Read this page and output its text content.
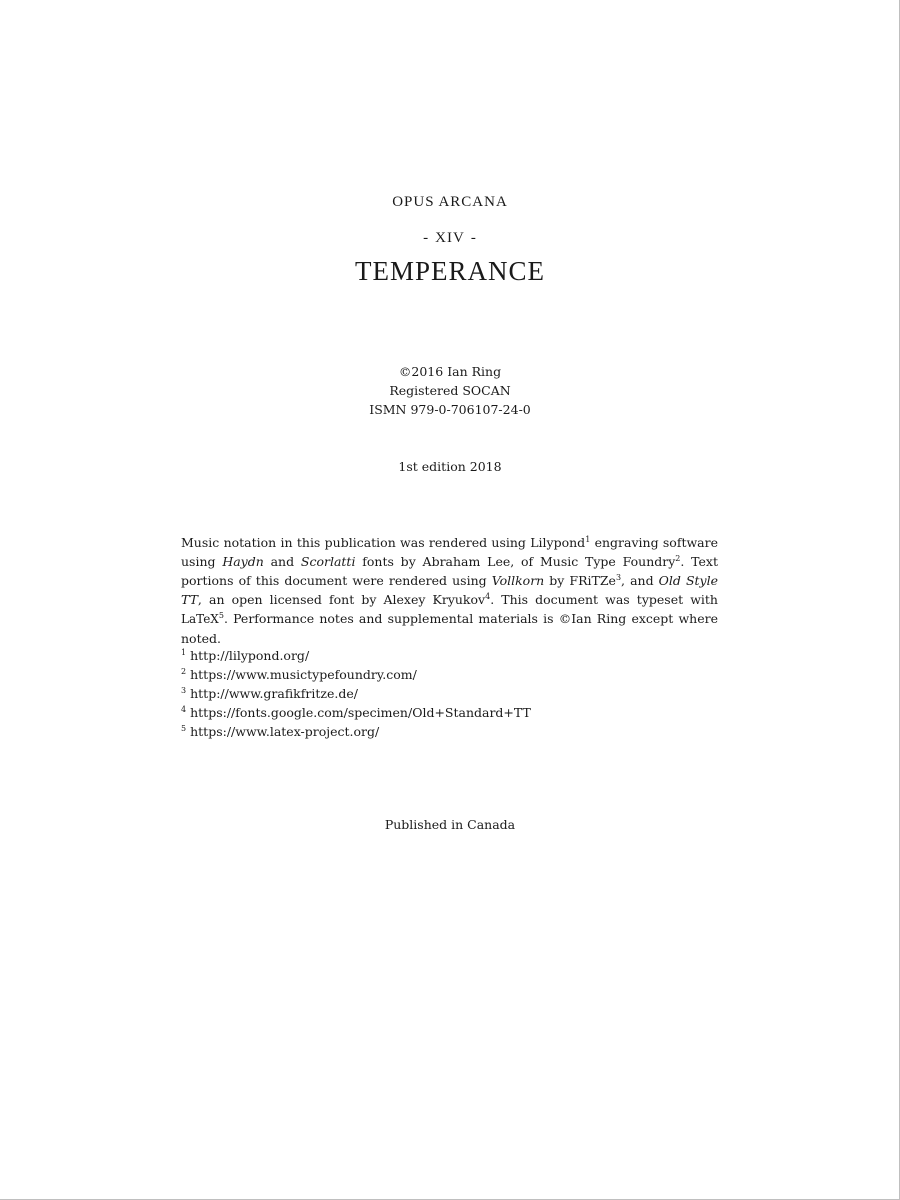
OPUS ARCANA
- XIV -
TEMPERANCE
©2016 Ian Ring
Registered SOCAN
ISMN 979-0-706107-24-0
1st edition 2018
Music notation in this publication was rendered using Lilypond$^1$ engraving software using Haydn and Scorlatti fonts by Abraham Lee, of Music Type Foundry$^2$. Text portions of this document were rendered using Vollkorn by FRiTZe$^3$, and Old Style TT, an open licensed font by Alexey Kryukov$^4$. This document was typeset with LaTeX$^5$. Performance notes and supplemental materials is ©Ian Ring except where noted.
$^1$ http://lilypond.org/
$^2$ https://www.musictypefoundry.com/
$^3$ http://www.grafikfritze.de/
$^4$ https://fonts.google.com/specimen/Old+Standard+TT
$^5$ https://www.latex-project.org/
Published in Canada
